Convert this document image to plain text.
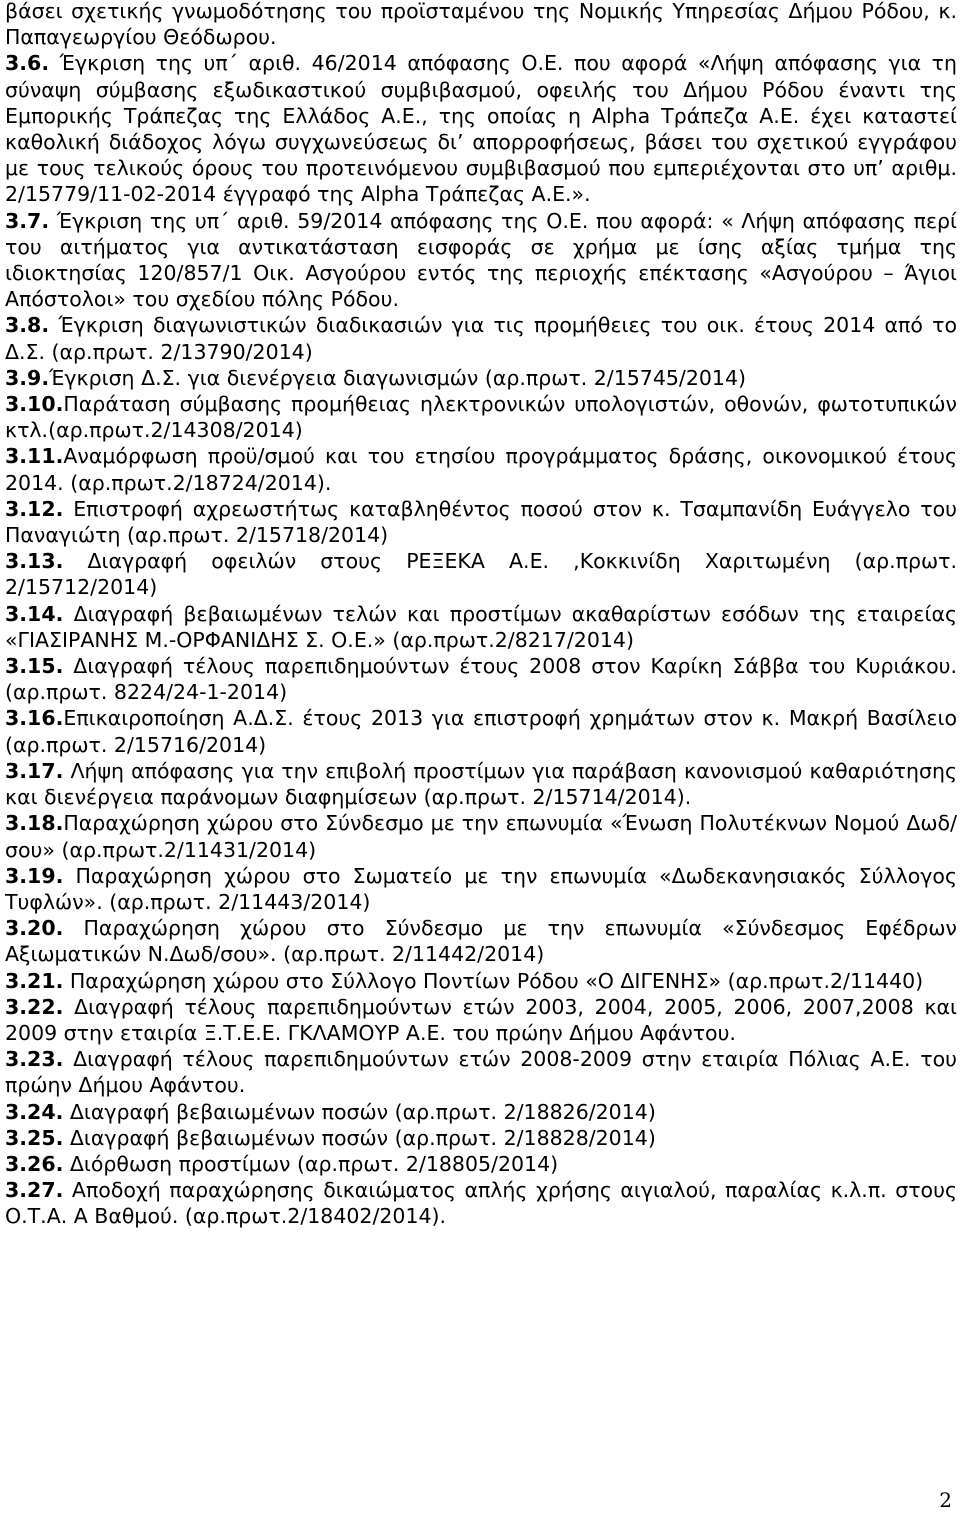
βάσει σχετικής γνωμοδότησης του προϊσταμένου της Νομικής Υπηρεσίας Δήμου Ρόδου, κ. Παπαγεωργίου Θεόδωρου.

3.6. Έγκριση της υπ΄ αριθ. 46/2014 απόφασης Ο.Ε. που αφορά «Λήψη απόφασης για τη σύναψη σύμβασης εξωδικαστικού συμβιβασμού, οφειλής του Δήμου Ρόδου έναντι της Εμπορικής Τράπεζας της Ελλάδος Α.Ε., της οποίας η Alpha Τράπεζα Α.Ε. έχει καταστεί καθολική διάδοχος λόγω συγχωνεύσεως δι’ απορροφήσεως, βάσει του σχετικού εγγράφου με τους τελικούς όρους του προτεινόμενου συμβιβασμού που εμπεριέχονται στο υπ’ αριθμ. 2/15779/11-02-2014 έγγραφό της Alpha Τράπεζας Α.Ε.».

3.7. Έγκριση της υπ΄ αριθ. 59/2014 απόφασης της Ο.Ε. που αφορά: « Λήψη απόφασης περί του αιτήματος για αντικατάσταση εισφοράς σε χρήμα με ίσης αξίας τμήμα της ιδιοκτησίας 120/857/1 Οικ. Ασγούρου εντός της περιοχής επέκτασης «Ασγούρου – Άγιοι Απόστολοι» του σχεδίου πόλης Ρόδου.

3.8. Έγκριση διαγωνιστικών διαδικασιών για τις προμήθειες του οικ. έτους 2014 από το Δ.Σ. (αρ.πρωτ. 2/13790/2014)

3.9.Έγκριση Δ.Σ. για διενέργεια διαγωνισμών (αρ.πρωτ. 2/15745/2014)

3.10.Παράταση σύμβασης προμήθειας ηλεκτρονικών υπολογιστών, οθονών, φωτοτυπικών κτλ.(αρ.πρωτ.2/14308/2014)

3.11.Αναμόρφωση προϋ/σμού και του ετησίου προγράμματος δράσης, οικονομικού έτους 2014. (αρ.πρωτ.2/18724/2014).

3.12. Επιστροφή αχρεωστήτως καταβληθέντος ποσού στον κ. Τσαμπανίδη Ευάγγελο του Παναγιώτη (αρ.πρωτ. 2/15718/2014)

3.13. Διαγραφή οφειλών στους ΡΕΞΕΚΑ Α.Ε. ,Κοκκινίδη Χαριτωμένη (αρ.πρωτ. 2/15712/2014)

3.14. Διαγραφή βεβαιωμένων τελών και προστίμων ακαθαρίστων εσόδων της εταιρείας «ΓΙΑΣΙΡΑΝΗΣ Μ.-ΟΡΦΑΝΙΔΗΣ Σ. Ο.Ε.» (αρ.πρωτ.2/8217/2014)

3.15. Διαγραφή τέλους παρεπιδημούντων έτους 2008 στον Καρίκη Σάββα του Κυριάκου.(αρ.πρωτ. 8224/24-1-2014)

3.16.Επικαιροποίηση Α.Δ.Σ. έτους 2013 για επιστροφή χρημάτων στον κ. Μακρή Βασίλειο (αρ.πρωτ. 2/15716/2014)

3.17. Λήψη απόφασης για την επιβολή προστίμων για παράβαση κανονισμού καθαριότησης και διενέργεια παράνομων διαφημίσεων (αρ.πρωτ. 2/15714/2014).

3.18.Παραχώρηση χώρου στο Σύνδεσμο με την επωνυμία «Ένωση Πολυτέκνων Νομού Δωδ/σου» (αρ.πρωτ.2/11431/2014)

3.19. Παραχώρηση χώρου στο Σωματείο με την επωνυμία «Δωδεκανησιακός Σύλλογος Τυφλών». (αρ.πρωτ. 2/11443/2014)

3.20. Παραχώρηση χώρου στο Σύνδεσμο με την επωνυμία «Σύνδεσμος Εφέδρων Αξιωματικών Ν.Δωδ/σου». (αρ.πρωτ. 2/11442/2014)

3.21. Παραχώρηση χώρου στο Σύλλογο Ποντίων Ρόδου «Ο ΔΙΓΕΝΗΣ» (αρ.πρωτ.2/11440)

3.22. Διαγραφή τέλους παρεπιδημούντων ετών 2003, 2004, 2005, 2006, 2007,2008 και 2009 στην εταιρία Ξ.Τ.Ε.Ε. ΓΚΛΑΜΟΥΡ Α.Ε. του πρώην Δήμου Αφάντου.

3.23. Διαγραφή τέλους παρεπιδημούντων ετών 2008-2009 στην εταιρία Πόλιας Α.Ε. του πρώην Δήμου Αφάντου.

3.24. Διαγραφή βεβαιωμένων ποσών (αρ.πρωτ. 2/18826/2014)

3.25. Διαγραφή βεβαιωμένων ποσών (αρ.πρωτ. 2/18828/2014)

3.26. Διόρθωση προστίμων (αρ.πρωτ. 2/18805/2014)

3.27. Αποδοχή παραχώρησης δικαιώματος απλής χρήσης αιγιαλού, παραλίας κ.λ.π. στους Ο.Τ.Α. Α Βαθμού. (αρ.πρωτ.2/18402/2014).

2
